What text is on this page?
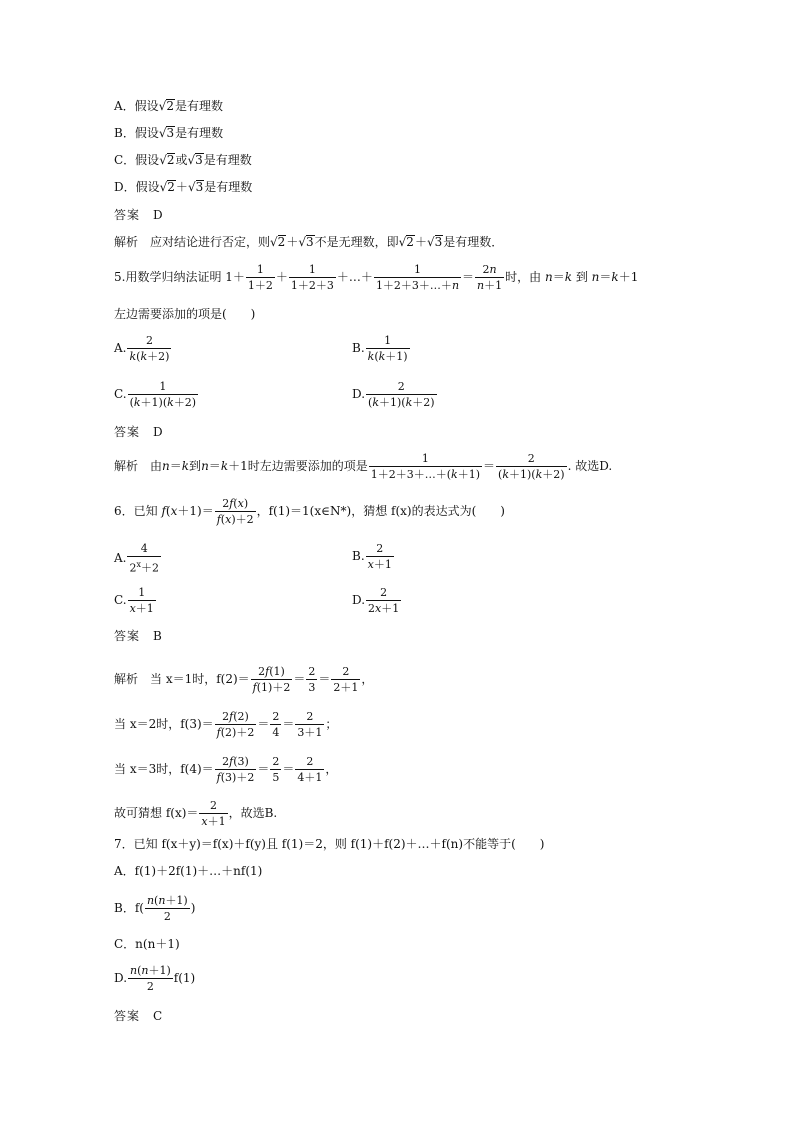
A．假设√2是有理数
B．假设√3是有理数
C．假设√2或√3是有理数
D．假设√2＋√3是有理数
答案　D
解析　应对结论进行否定，则√2＋√3不是无理数，即√2＋√3是有理数．
5.用数学归纳法证明 $1+ \frac{1}{1+2} + \frac{1}{1+2+3}$ ＋…＋ $\frac{1}{1+2+3+\dots+n} = \frac{2n}{n+1}$ 时，由 n＝k 到 n＝k＋1
左边需要添加的项是(　　)
A. $\frac{2}{k(k+2)}$	B. $\frac{1}{k(k+1)}$
C. $\frac{1}{(k+1)(k+2)}$	D. $\frac{2}{(k+1)(k+2)}$
答案　D
解析　由n＝k到n＝k＋1时左边需要添加的项是 $\frac{1}{1+2+3+\dots+(k+1)} = \frac{2}{(k+1)(k+2)}$ . 故选D.
6．已知 $f(x+1)= \frac{2f(x)}{f(x)+2}$ ，f(1)＝1(x∈N*)，猜想 f(x)的表达式为(　　)
A. $\frac{4}{2^x+2}$	B. $\frac{2}{x+1}$
C. $\frac{1}{x+1}$	D. $\frac{2}{2x+1}$
答案　B
解析　当 x＝1时，$f(2)= \frac{2f(1)}{f(1)+2} = \frac{2}{3} = \frac{2}{2+1}$ ，
当 x＝2时，$f(3)= \frac{2f(2)}{f(2)+2} = \frac{2}{4} = \frac{2}{3+1}$ ；
当 x＝3时，$f(4)= \frac{2f(3)}{f(3)+2} = \frac{2}{5} = \frac{2}{4+1}$ ，
故可猜想 $f(x)= \frac{2}{x+1}$ ，故选B.
7．已知 f(x＋y)＝f(x)＋f(y)且 f(1)＝2，则 f(1)＋f(2)＋…＋f(n)不能等于(　　)
A．f(1)＋2f(1)＋…＋nf(1)
B．$f( \frac{n(n+1)}{2}$ )
C．n(n＋1)
D. $\frac{n(n+1)}{2} f(1)$
答案　C
